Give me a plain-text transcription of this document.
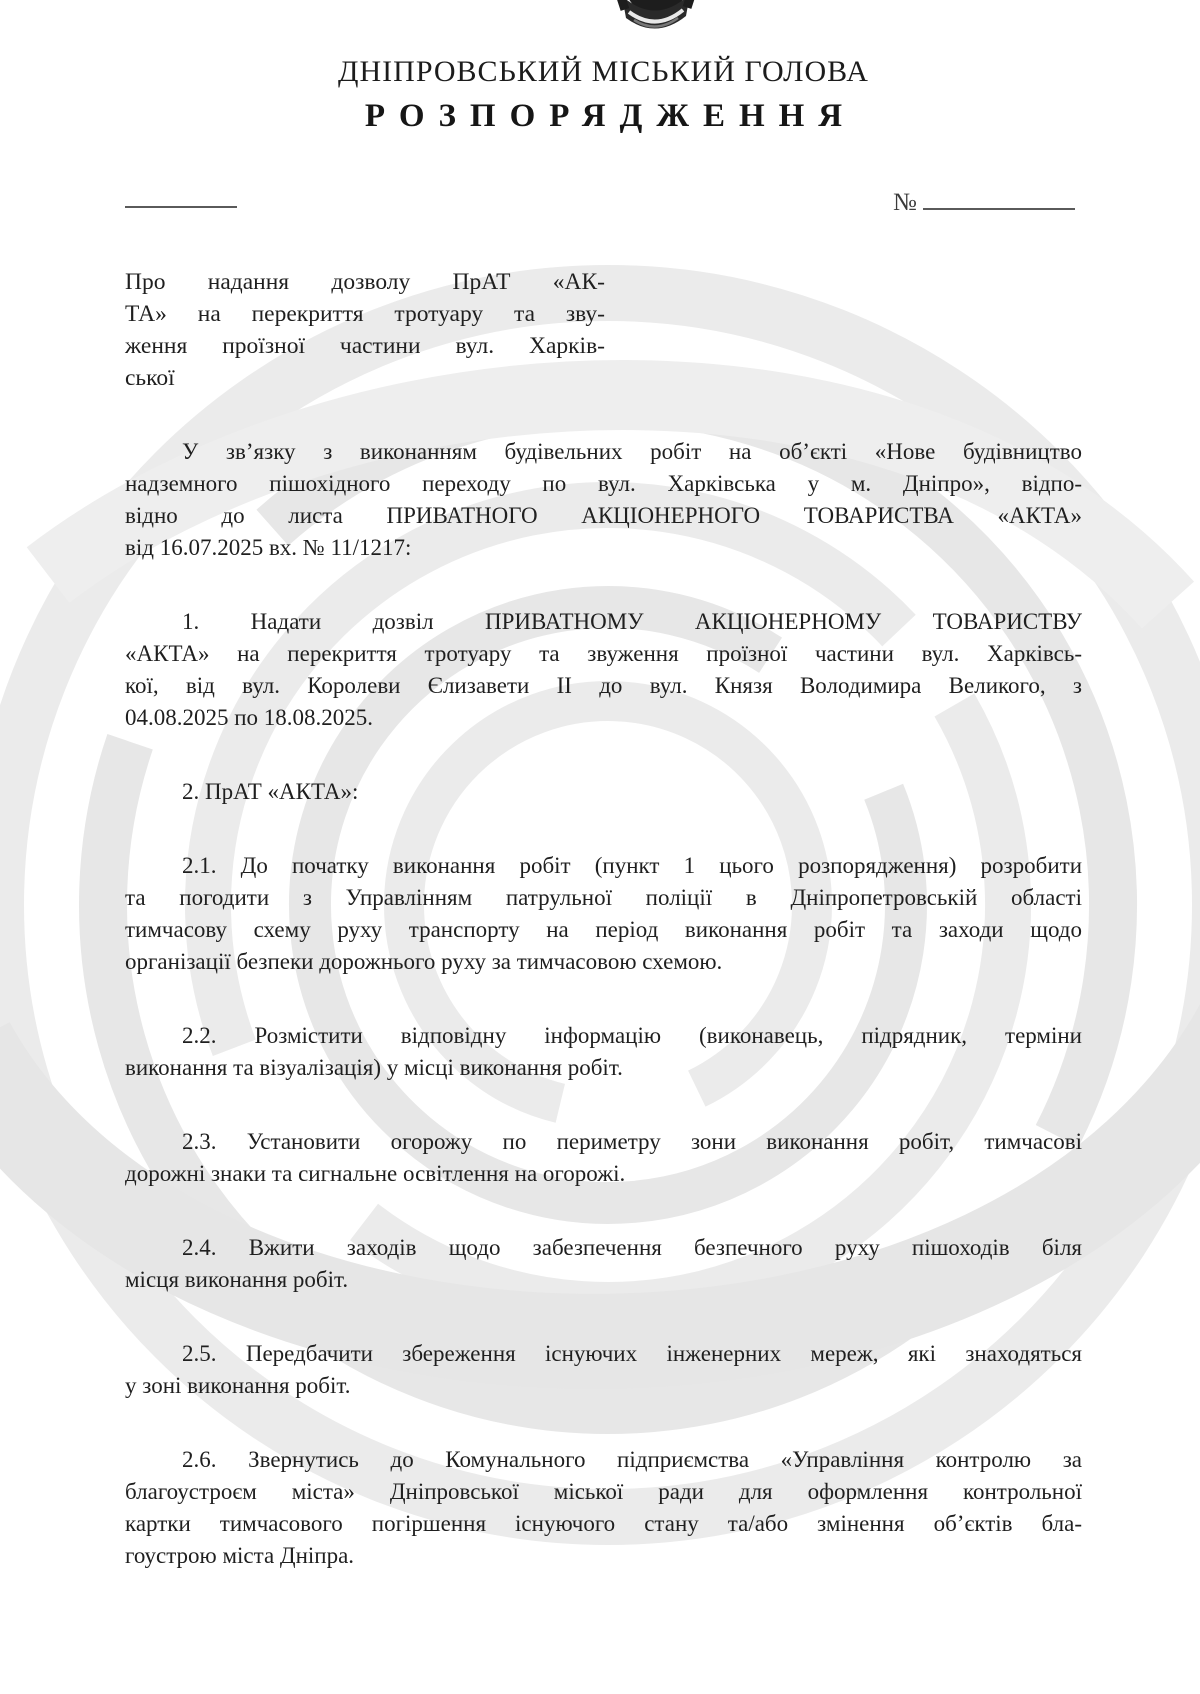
ДНІПРОВСЬКИЙ МІСЬКИЙ ГОЛОВА
РОЗПОРЯДЖЕННЯ
№
Про надання дозволу ПрАТ «АК-
ТА» на перекриття тротуару та зву-
ження проїзної частини вул. Харків-
ської
У зв’язку з виконанням будівельних робіт на об’єкті «Нове будівництво
надземного пішохідного переходу по вул. Харківська у м. Дніпро», відпо-
відно до листа ПРИВАТНОГО АКЦІОНЕРНОГО ТОВАРИСТВА «АКТА»
від 16.07.2025 вх. № 11/1217:
1. Надати дозвіл ПРИВАТНОМУ АКЦІОНЕРНОМУ ТОВАРИСТВУ
«АКТА» на перекриття тротуару та звуження проїзної частини вул. Харківсь-
кої, від вул. Королеви Єлизавети II до вул. Князя Володимира Великого, з
04.08.2025 по 18.08.2025.
2. ПрАТ «АКТА»:
2.1. До початку виконання робіт (пункт 1 цього розпорядження) розробити
та погодити з Управлінням патрульної поліції в Дніпропетровській області
тимчасову схему руху транспорту на період виконання робіт та заходи щодо
організації безпеки дорожнього руху за тимчасовою схемою.
2.2. Розмістити відповідну інформацію (виконавець, підрядник, терміни
виконання та візуалізація) у місці виконання робіт.
2.3. Установити огорожу по периметру зони виконання робіт, тимчасові
дорожні знаки та сигнальне освітлення на огорожі.
2.4. Вжити заходів щодо забезпечення безпечного руху пішоходів біля
місця виконання робіт.
2.5. Передбачити збереження існуючих інженерних мереж, які знаходяться
у зоні виконання робіт.
2.6. Звернутись до Комунального підприємства «Управління контролю за
благоустроєм міста» Дніпровської міської ради для оформлення контрольної
картки тимчасового погіршення існуючого стану та/або змінення об’єктів бла-
гоустрою міста Дніпра.
